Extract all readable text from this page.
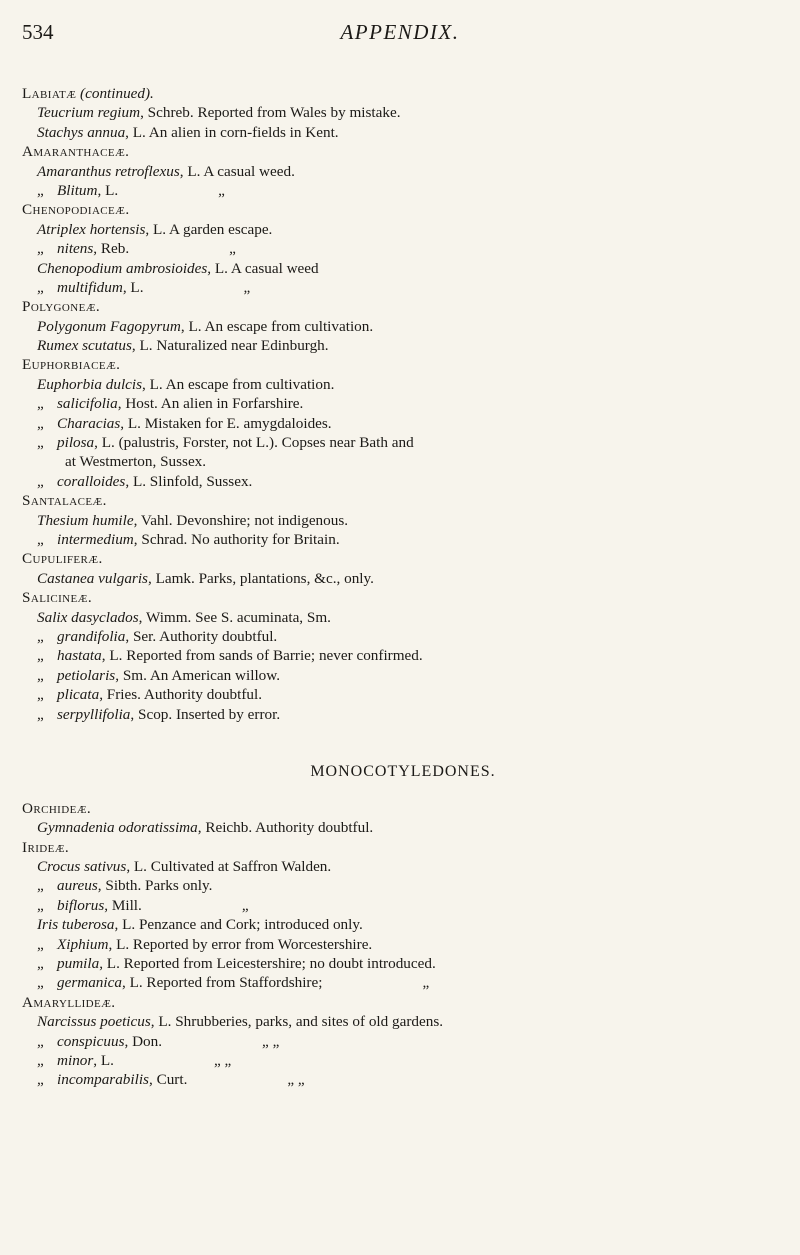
534	APPENDIX.
Labiatæ (continued).
Teucrium regium, Schreb. Reported from Wales by mistake.
Stachys annua, L. An alien in corn-fields in Kent.
Amaranthaceæ.
Amaranthus retroflexus, L. A casual weed.
„ Blitum, L.	„
Chenopodiaceæ.
Atriplex hortensis, L. A garden escape.
„ nitens, Reb.	„
Chenopodium ambrosioides, L. A casual weed
„ multifidum, L.	„
Polygoneæ.
Polygonum Fagopyrum, L. An escape from cultivation.
Rumex scutatus, L. Naturalized near Edinburgh.
Euphorbiaceæ.
Euphorbia dulcis, L. An escape from cultivation.
„ salicifolia, Host. An alien in Forfarshire.
„ Characias, L. Mistaken for E. amygdaloides.
„ pilosa, L. (palustris, Forster, not L.). Copses near Bath and
at Westmerton, Sussex.
„ coralloides, L. Slinfold, Sussex.
Santalaceæ.
Thesium humile, Vahl. Devonshire; not indigenous.
„ intermedium, Schrad. No authority for Britain.
Cupuliferæ.
Castanea vulgaris, Lamk. Parks, plantations, &c., only.
Salicineæ.
Salix dasyclados, Wimm. See S. acuminata, Sm.
„ grandifolia, Ser. Authority doubtful.
„ hastata, L. Reported from sands of Barrie; never confirmed.
„ petiolaris, Sm. An American willow.
„ plicata, Fries. Authority doubtful.
„ serpyllifolia, Scop. Inserted by error.
MONOCOTYLEDONES.
Orchideæ.
Gymnadenia odoratissima, Reichb. Authority doubtful.
Irideæ.
Crocus sativus, L. Cultivated at Saffron Walden.
„ aureus, Sibth. Parks only.
„ biflorus, Mill.	„
Iris tuberosa, L. Penzance and Cork; introduced only.
„ Xiphium, L. Reported by error from Worcestershire.
„ pumila, L. Reported from Leicestershire; no doubt introduced.
„ germanica, L. Reported from Staffordshire;	„
Amaryllideæ.
Narcissus poeticus, L. Shrubberies, parks, and sites of old gardens.
„ conspicuus, Don.	„ „
„ minor, L.	„ „
„ incomparabilis, Curt.	„ „
